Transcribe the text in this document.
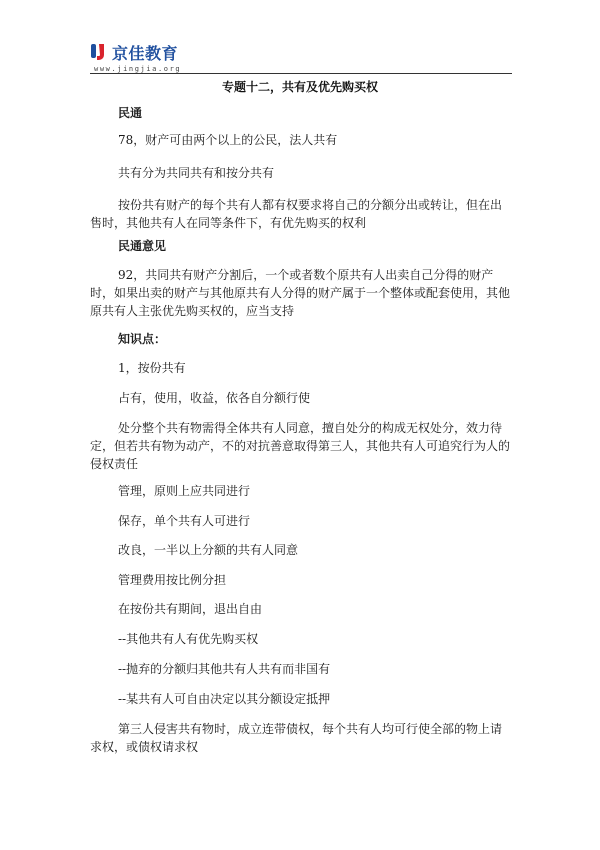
京佳教育
www.jingjia.org
专题十二，共有及优先购买权
民通

78，财产可由两个以上的公民，法人共有

共有分为共同共有和按分共有

按份共有财产的每个共有人都有权要求将自己的分额分出或转让，但在出售时，其他共有人在同等条件下，有优先购买的权利

民通意见

92，共同共有财产分割后，一个或者数个原共有人出卖自己分得的财产时，如果出卖的财产与其他原共有人分得的财产属于一个整体或配套使用，其他原共有人主张优先购买权的，应当支持

知识点：

1，按份共有

占有，使用，收益，依各自分额行使

处分整个共有物需得全体共有人同意，擅自处分的构成无权处分，效力待定，但若共有物为动产，不的对抗善意取得第三人，其他共有人可追究行为人的侵权责任

管理，原则上应共同进行

保存，单个共有人可进行

改良，一半以上分额的共有人同意

管理费用按比例分担

在按份共有期间，退出自由

--其他共有人有优先购买权

--抛弃的分额归其他共有人共有而非国有

--某共有人可自由决定以其分额设定抵押

第三人侵害共有物时，成立连带债权，每个共有人均可行使全部的物上请求权，或债权请求权
